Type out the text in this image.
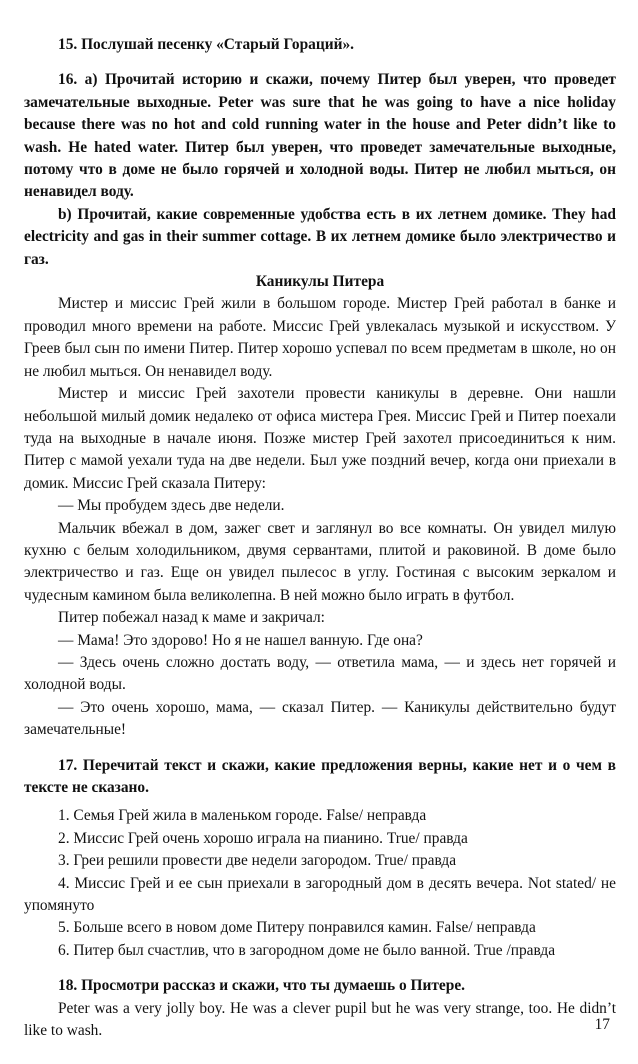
15. Послушай песенку «Старый Гораций».

16. а) Прочитай историю и скажи, почему Питер был уверен, что проведет замечательные выходные. Peter was sure that he was going to have a nice holiday because there was no hot and cold running water in the house and Peter didn’t like to wash. He hated water. Питер был уверен, что проведет замечательные выходные, потому что в доме не было горячей и холодной воды. Питер не любил мыться, он ненавидел воду.

b) Прочитай, какие современные удобства есть в их летнем домике. They had electricity and gas in their summer cottage. В их летнем домике было электричество и газ.

Каникулы Питера

Мистер и миссис Грей жили в большом городе. Мистер Грей работал в банке и проводил много времени на работе. Миссис Грей увлекалась музыкой и искусством. У Греев был сын по имени Питер. Питер хорошо успевал по всем предметам в школе, но он не любил мыться. Он ненавидел воду.

Мистер и миссис Грей захотели провести каникулы в деревне. Они нашли небольшой милый домик недалеко от офиса мистера Грея. Миссис Грей и Питер поехали туда на выходные в начале июня. Позже мистер Грей захотел присоединиться к ним. Питер с мамой уехали туда на две недели. Был уже поздний вечер, когда они приехали в домик. Миссис Грей сказала Питеру:

— Мы пробудем здесь две недели.

Мальчик вбежал в дом, зажег свет и заглянул во все комнаты. Он увидел милую кухню с белым холодильником, двумя сервантами, плитой и раковиной. В доме было электричество и газ. Еще он увидел пылесос в углу. Гостиная с высоким зеркалом и чудесным камином была великолепна. В ней можно было играть в футбол.

Питер побежал назад к маме и закричал:

— Мама! Это здорово! Но я не нашел ванную. Где она?

— Здесь очень сложно достать воду, — ответила мама, — и здесь нет горячей и холодной воды.

— Это очень хорошо, мама, — сказал Питер. — Каникулы действительно будут замечательные!

17. Перечитай текст и скажи, какие предложения верны, какие нет и о чем в тексте не сказано.

1. Семья Грей жила в маленьком городе. False/ неправда

2. Миссис Грей очень хорошо играла на пианино. True/ правда

3. Греи решили провести две недели загородом. True/ правда

4. Миссис Грей и ее сын приехали в загородный дом в десять вечера. Not stated/ не упомянуто

5. Больше всего в новом доме Питеру понравился камин. False/ неправда

6. Питер был счастлив, что в загородном доме не было ванной. True /правда

18. Просмотри рассказ и скажи, что ты думаешь о Питере.

Peter was a very jolly boy. He was a clever pupil but he was very strange, too. He didn’t like to wash.	17
